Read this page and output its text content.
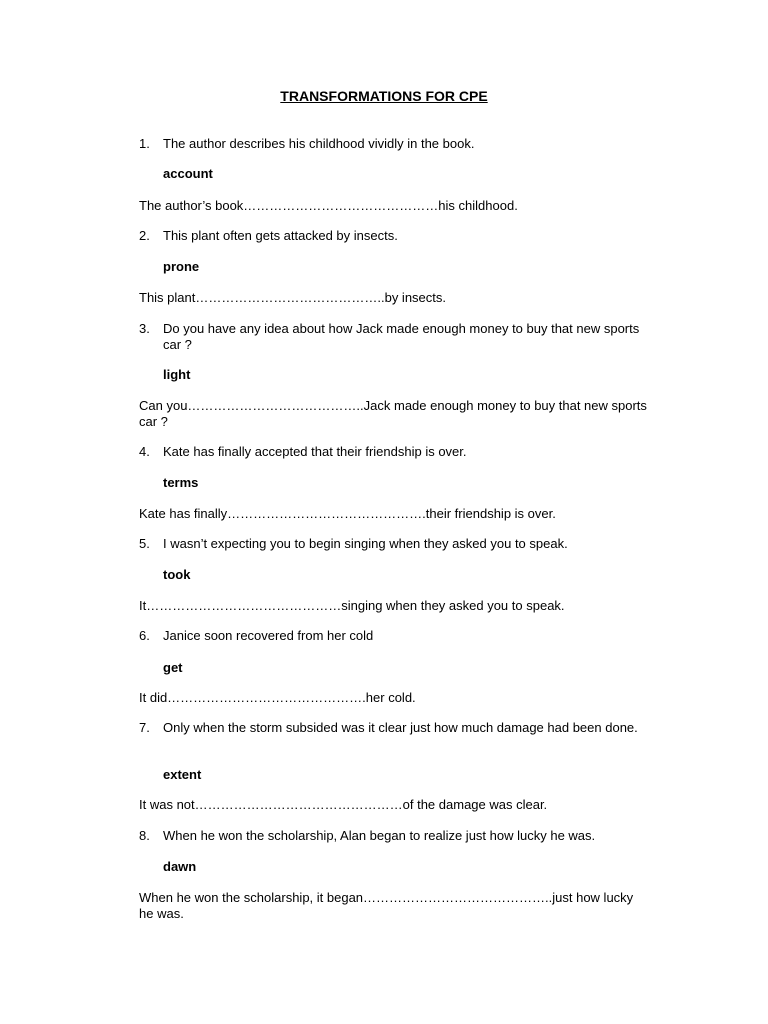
TRANSFORMATIONS FOR CPE
1. The author describes his childhood vividly in the book.
account
The author’s book………………………………………his childhood.
2. This plant often gets attacked by insects.
prone
This plant……………………………………..by insects.
3. Do you have any idea about how Jack made enough money to buy that new sports car ?
light
Can you…………………………………..Jack made enough money to buy that new sports car ?
4. Kate has finally accepted that their friendship is over.
terms
Kate has finally……………………………………….their friendship is over.
5. I wasn’t expecting you to begin singing when they asked you to speak.
took
It………………………………………singing when they asked you to speak.
6. Janice soon recovered from her cold
get
It did……………………………………….her cold.
7. Only when the storm subsided was it clear just how much damage had been done.
extent
It was not…………………………………………of the damage was clear.
8. When he won the scholarship, Alan began to realize just how lucky he was.
dawn
When he won the scholarship, it began……………………………………..just how lucky he was.
